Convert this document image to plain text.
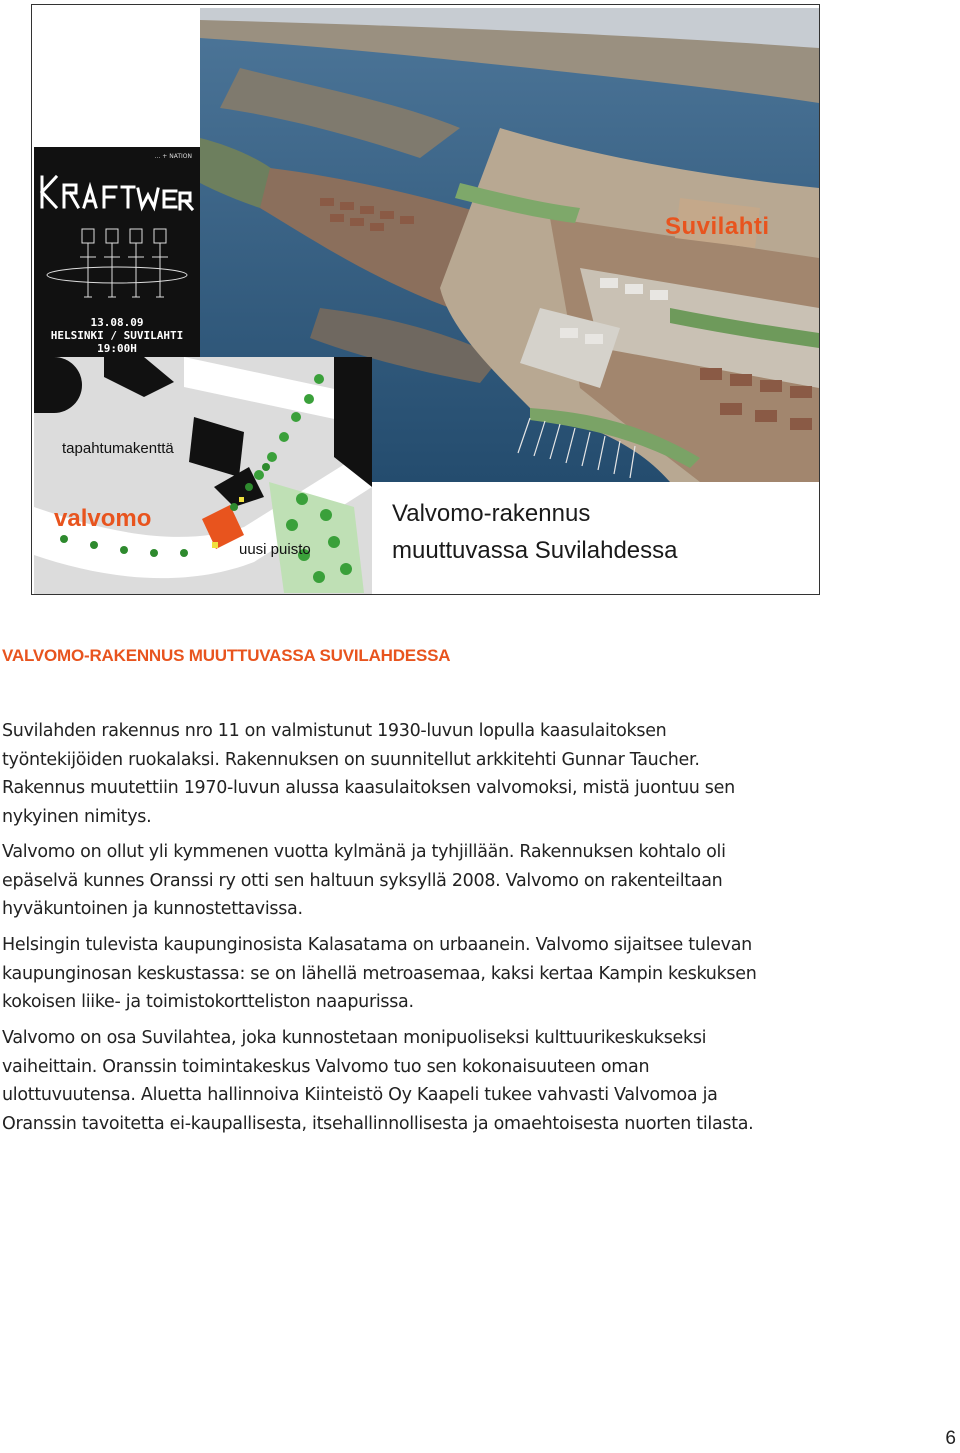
Suvilahti
… + NATION
13.08.09
HELSINKI / SUVILAHTI
19:00H
tapahtumakenttä
valvomo
uusi puisto
Valvomo-rakennus
muuttuvassa Suvilahdessa
VALVOMO-RAKENNUS MUUTTUVASSA SUVILAHDESSA
Suvilahden rakennus nro 11 on valmistunut 1930-luvun lopulla kaasulaitoksen
työntekijöiden ruokalaksi. Rakennuksen on suunnitellut arkkitehti Gunnar Taucher.
Rakennus muutettiin 1970-luvun alussa kaasulaitoksen valvomoksi, mistä juontuu sen
nykyinen nimitys.
Valvomo on ollut yli kymmenen vuotta kylmänä ja tyhjillään. Rakennuksen kohtalo oli
epäselvä kunnes Oranssi ry otti sen haltuun syksyllä 2008. Valvomo on rakenteiltaan
hyväkuntoinen ja kunnostettavissa.
Helsingin tulevista kaupunginosista Kalasatama on urbaanein. Valvomo sijaitsee tulevan
kaupunginosan keskustassa: se on lähellä metroasemaa, kaksi kertaa Kampin keskuksen
kokoisen liike- ja toimistokortteliston naapurissa.
Valvomo on osa Suvilahtea, joka kunnostetaan monipuoliseksi kulttuurikeskukseksi
vaiheittain. Oranssin toimintakeskus Valvomo tuo sen kokonaisuuteen oman
ulottuvuutensa. Aluetta hallinnoiva Kiinteistö Oy Kaapeli tukee vahvasti Valvomoa ja
Oranssin tavoitetta ei-kaupallisesta, itsehallinnollisesta ja omaehtoisesta nuorten tilasta.
6
